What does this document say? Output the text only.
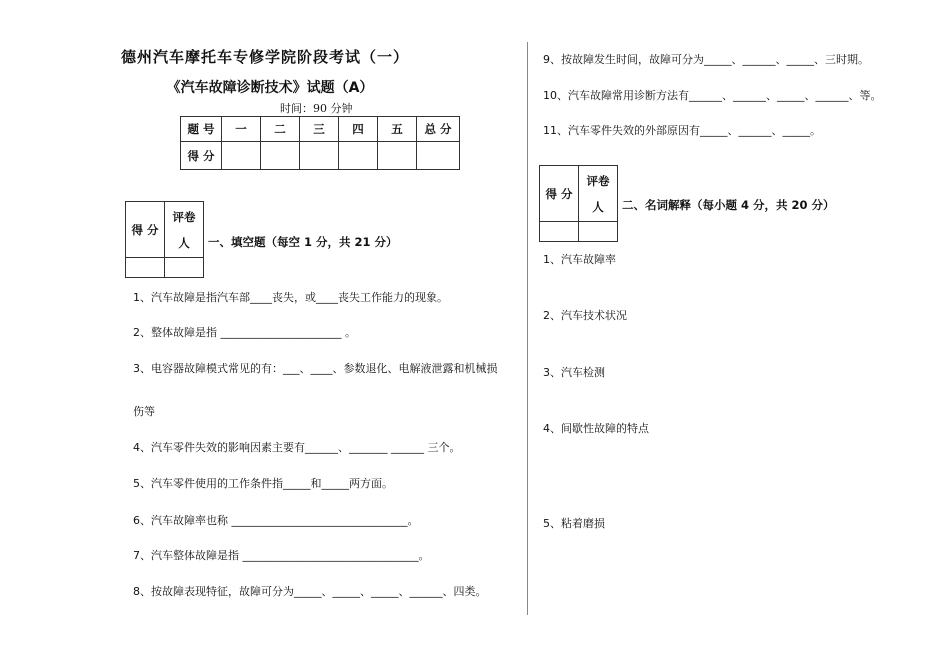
德州汽车摩托车专修学院阶段考试（一）
《汽车故障诊断技术》试题（A）
时间：90 分钟
题 号	一	二	三	四	五	总 分
得 分						
得 分	评卷
人

		一、填空题（每空 1 分，共 21 分）
1、汽车故障是指汽车部____丧失，或____丧失工作能力的现象。
2、整体故障是指 ______________________ 。
3、电容器故障模式常见的有：___、____、参数退化、电解液泄露和机械损
伤等
4、汽车零件失效的影响因素主要有______、_______ ______ 三个。
5、汽车零件使用的工作条件指_____和_____两方面。
6、汽车故障率也称 ________________________________。
7、汽车整体故障是指 ________________________________。
8、按故障表现特征，故障可分为_____、_____、_____、______、四类。
9、按故障发生时间，故障可分为_____、______、_____、三时期。
10、汽车故障常用诊断方法有______、______、_____、______、等。
11、汽车零件失效的外部原因有_____、______、_____。
得 分	评卷
人

		二、名词解释（每小题 4 分，共 20 分）
1、汽车故障率
2、汽车技术状况
3、汽车检测
4、间歇性故障的特点
5、粘着磨损
